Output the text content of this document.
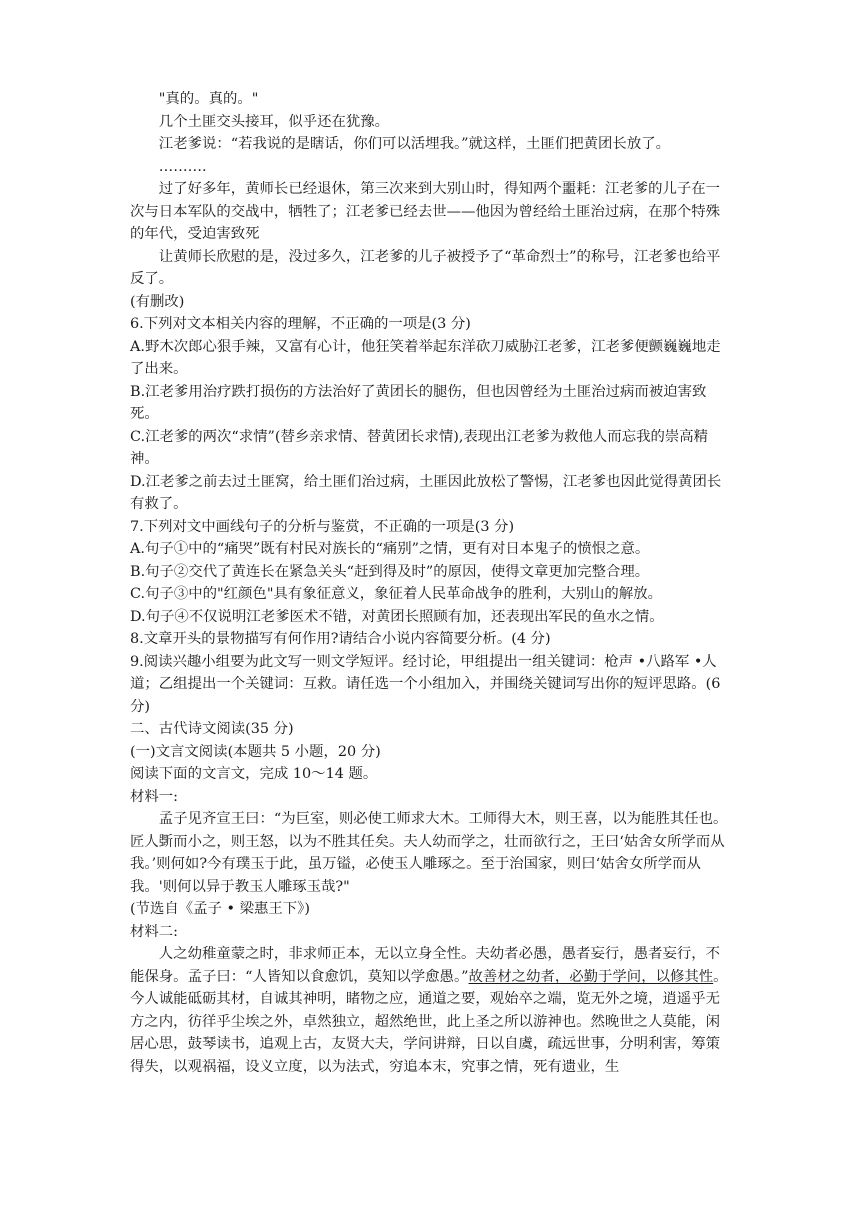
"真的。真的。"

几个土匪交头接耳，似乎还在犹豫。

江老爹说：“若我说的是瞎话，你们可以活埋我。”就这样，土匪们把黄团长放了。

……….

过了好多年，黄师长已经退休，第三次来到大别山时，得知两个噩耗：江老爹的儿子在一次与日本军队的交战中，牺牲了；江老爹已经去世——他因为曾经给土匪治过病，在那个特殊的年代，受迫害致死

让黄师长欣慰的是，没过多久，江老爹的儿子被授予了“革命烈士”的称号，江老爹也给平反了。

(有删改)

6.下列对文本相关内容的理解，不正确的一项是(3 分)

A.野木次郎心狠手辣，又富有心计，他狂笑着举起东洋砍刀威胁江老爹，江老爹便颤巍巍地走了出来。

B.江老爹用治疗跌打损伤的方法治好了黄团长的腿伤，但也因曾经为土匪治过病而被迫害致死。

C.江老爹的两次“求情”(替乡亲求情、替黄团长求情),表现出江老爹为救他人而忘我的崇高精神。

D.江老爹之前去过土匪窝，给土匪们治过病，土匪因此放松了警惕，江老爹也因此觉得黄团长有救了。

7.下列对文中画线句子的分析与鉴赏，不正确的一项是(3 分)

A.句子①中的“痛哭”既有村民对族长的“痛别”之情，更有对日本鬼子的愤恨之意。

B.句子②交代了黄连长在紧急关头“赶到得及时”的原因，使得文章更加完整合理。

C.句子③中的"红颜色"具有象征意义，象征着人民革命战争的胜利，大别山的解放。

D.句子④不仅说明江老爹医术不错，对黄团长照顾有加，还表现出军民的鱼水之情。

8.文章开头的景物描写有何作用?请结合小说内容简要分析。(4 分)

9.阅读兴趣小组要为此文写一则文学短评。经讨论，甲组提出一组关键词：枪声 •八路军 •人道；乙组提出一个关键词：互救。请任选一个小组加入，并围绕关键词写出你的短评思路。(6 分)

二、古代诗文阅读(35 分)

(一)文言文阅读(本题共 5 小题，20 分)

阅读下面的文言文，完成 10～14 题。

材料一:

孟子见齐宣王曰：“为巨室，则必使工师求大木。工师得大木，则王喜，以为能胜其任也。匠人斲而小之，则王怒，以为不胜其任矣。夫人幼而学之，壮而欲行之，王曰‘姑舍女所学而从我。’则何如?今有璞玉于此，虽万镒，必使玉人雕琢之。至于治国家，则曰‘姑舍女所学而从我。'则何以异于教玉人雕琢玉哉?"

(节选自《孟子 • 梁惠王下》)

材料二:

人之幼稚童蒙之时，非求师正本，无以立身全性。夫幼者必愚，愚者妄行，愚者妄行，不能保身。孟子曰：“人皆知以食愈饥，莫知以学愈愚。”故善材之幼者，必勤于学问，以修其性。今人诚能砥砺其材，自诚其神明，睹物之应，通道之要，观始卒之端，览无外之境，逍遥乎无方之内，彷徉乎尘埃之外，卓然独立，超然绝世，此上圣之所以游神也。然晚世之人莫能，闲居心思，鼓琴读书，追观上古，友贤大夫，学问讲辩，日以自虞，疏远世事，分明利害，筹策得失，以观祸福，设义立度，以为法式，穷追本末，究事之情，死有遗业，生
